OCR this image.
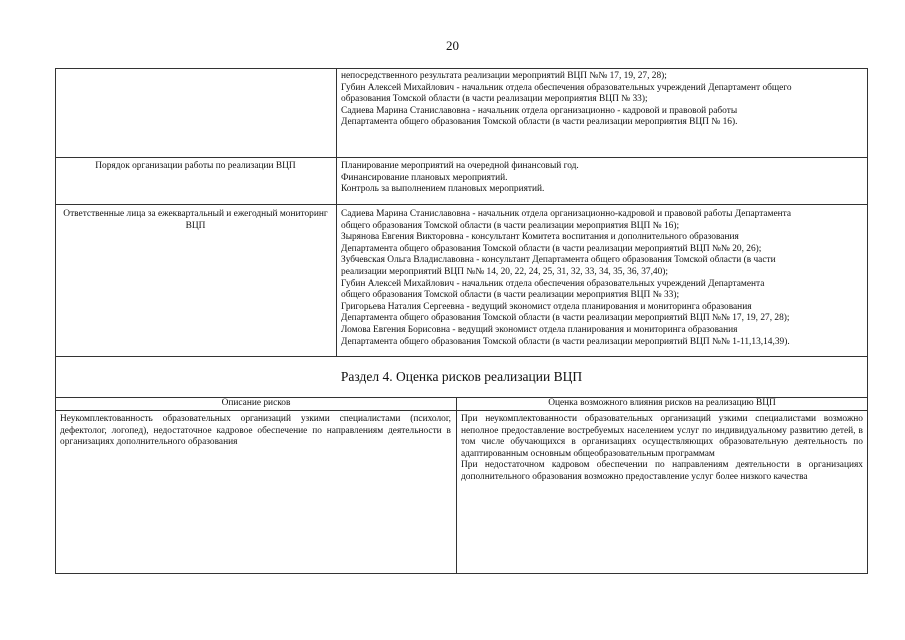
20

непосредственного результата реализации мероприятий ВЦП №№ 17, 19, 27, 28);

Губин Алексей Михайлович - начальник отдела обеспечения образовательных учреждений Департамент общего

образования Томской области (в части реализации мероприятия ВЦП № 33);

Садиева Марина Станиславовна - начальник отдела организационно - кадровой и правовой работы

Департамента общего образования Томской области (в части реализации мероприятия ВЦП № 16).

Порядок организации работы по реализации ВЦП	Планирование мероприятий на очередной финансовый год.

Финансирование плановых мероприятий.

Контроль за выполнением плановых мероприятий.

Ответственные лица за ежеквартальный и ежегодный мониторинг ВЦП

Садиева Марина Станиславовна - начальник отдела организационно-кадровой и правовой работы Департамента

общего образования Томской области (в части реализации мероприятия ВЦП № 16);

Зырянова Евгения Викторовна - консультант Комитета воспитания и дополнительного образования

Департамента общего образования Томской области (в части реализации мероприятий ВЦП №№ 20, 26);

Зубчевская Ольга Владиславовна - консультант Департамента общего образования Томской области (в части

реализации мероприятий ВЦП №№ 14, 20, 22, 24, 25, 31, 32, 33, 34, 35, 36, 37,40);

Губин Алексей Михайлович - начальник отдела обеспечения образовательных учреждений Департамента

общего образования Томской области (в части реализации мероприятия ВЦП № 33);

Григорьева Наталия Сергеевна - ведущий экономист отдела планирования и мониторинга образования

Департамента общего образования Томской области (в части реализации мероприятий ВЦП №№ 17, 19, 27, 28);

Ломова Евгения Борисовна - ведущий экономист отдела планирования и мониторинга образования

Департамента общего образования Томской области (в части реализации мероприятий ВЦП №№ 1-11,13,14,39).

Раздел 4. Оценка рисков реализации ВЦП
Описание рисков	Оценка возможного влияния рисков на реализацию ВЦП
Неукомплектованность образовательных организаций узкими специалистами (психолог, дефектолог, логопед), недостаточное кадровое обеспечение по направлениям деятельности в организациях дополнительного образования

При неукомплектованности образовательных организаций узкими специалистами возможно неполное предоставление востребуемых населением услуг по индивидуальному развитию детей, в том числе обучающихся в организациях осуществляющих образовательную деятельность по адаптированным основным общеобразовательным программам

При недостаточном кадровом обеспечении по направлениям деятельности в организациях дополнительного образования возможно предоставление услуг более низкого качества
